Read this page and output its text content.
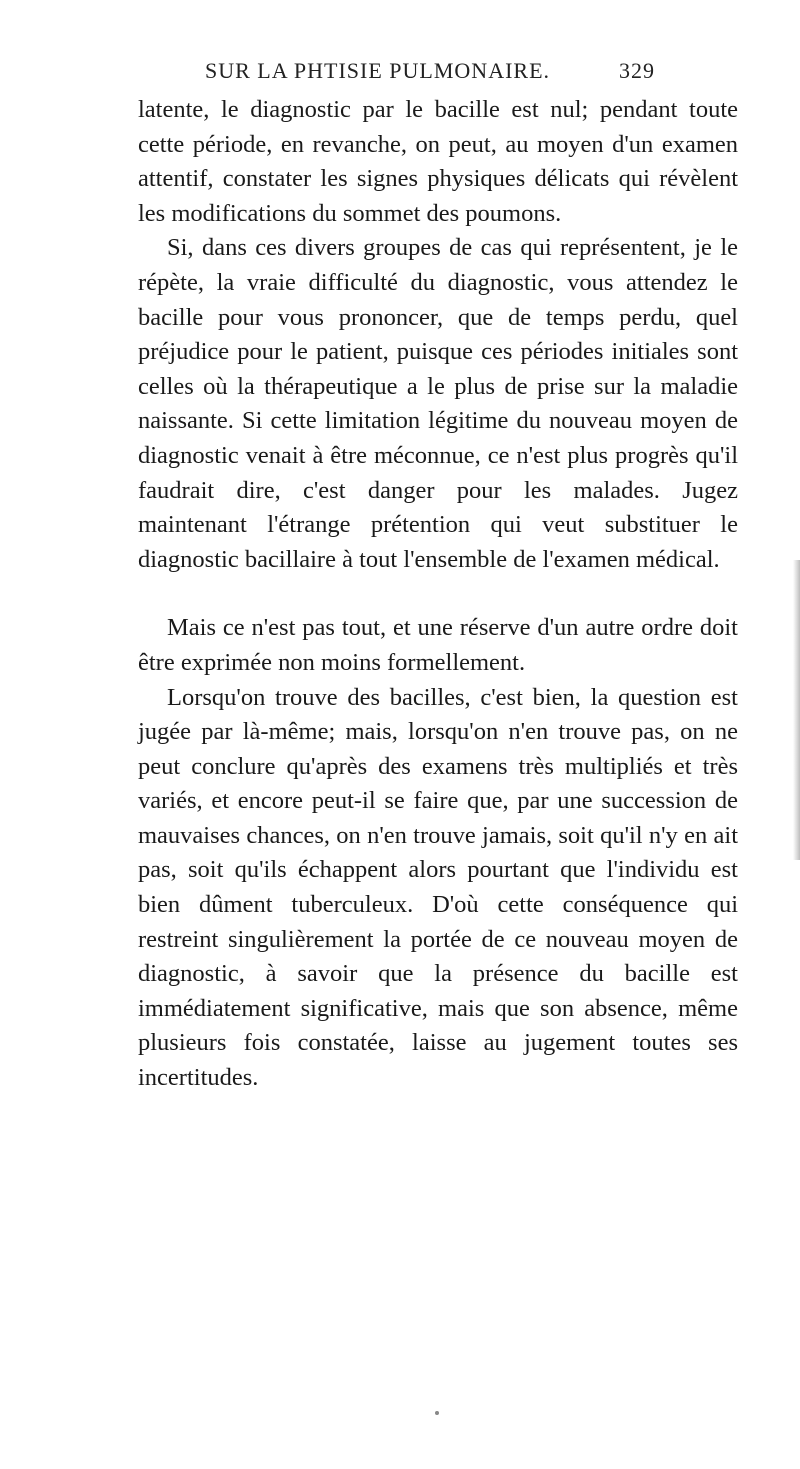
SUR LA PHTISIE PULMONAIRE.	329

latente, le diagnostic par le bacille est nul; pendant toute cette période, en revanche, on peut, au moyen d'un examen attentif, constater les signes physiques délicats qui révèlent les modifications du sommet des poumons.

Si, dans ces divers groupes de cas qui représentent, je le répète, la vraie difficulté du diagnostic, vous attendez le bacille pour vous prononcer, que de temps perdu, quel préjudice pour le patient, puisque ces périodes initiales sont celles où la thérapeutique a le plus de prise sur la maladie naissante. Si cette limitation légitime du nouveau moyen de diagnostic venait à être méconnue, ce n'est plus progrès qu'il faudrait dire, c'est danger pour les malades. Jugez maintenant l'étrange prétention qui veut substituer le diagnostic bacillaire à tout l'ensemble de l'examen médical.

Mais ce n'est pas tout, et une réserve d'un autre ordre doit être exprimée non moins formellement.

Lorsqu'on trouve des bacilles, c'est bien, la question est jugée par là-même; mais, lorsqu'on n'en trouve pas, on ne peut conclure qu'après des examens très multipliés et très variés, et encore peut-il se faire que, par une succession de mauvaises chances, on n'en trouve jamais, soit qu'il n'y en ait pas, soit qu'ils échappent alors pourtant que l'individu est bien dûment tuberculeux. D'où cette conséquence qui restreint singulièrement la portée de ce nouveau moyen de diagnostic, à savoir que la présence du bacille est immédiatement significative, mais que son absence, même plusieurs fois constatée, laisse au jugement toutes ses incertitudes.
